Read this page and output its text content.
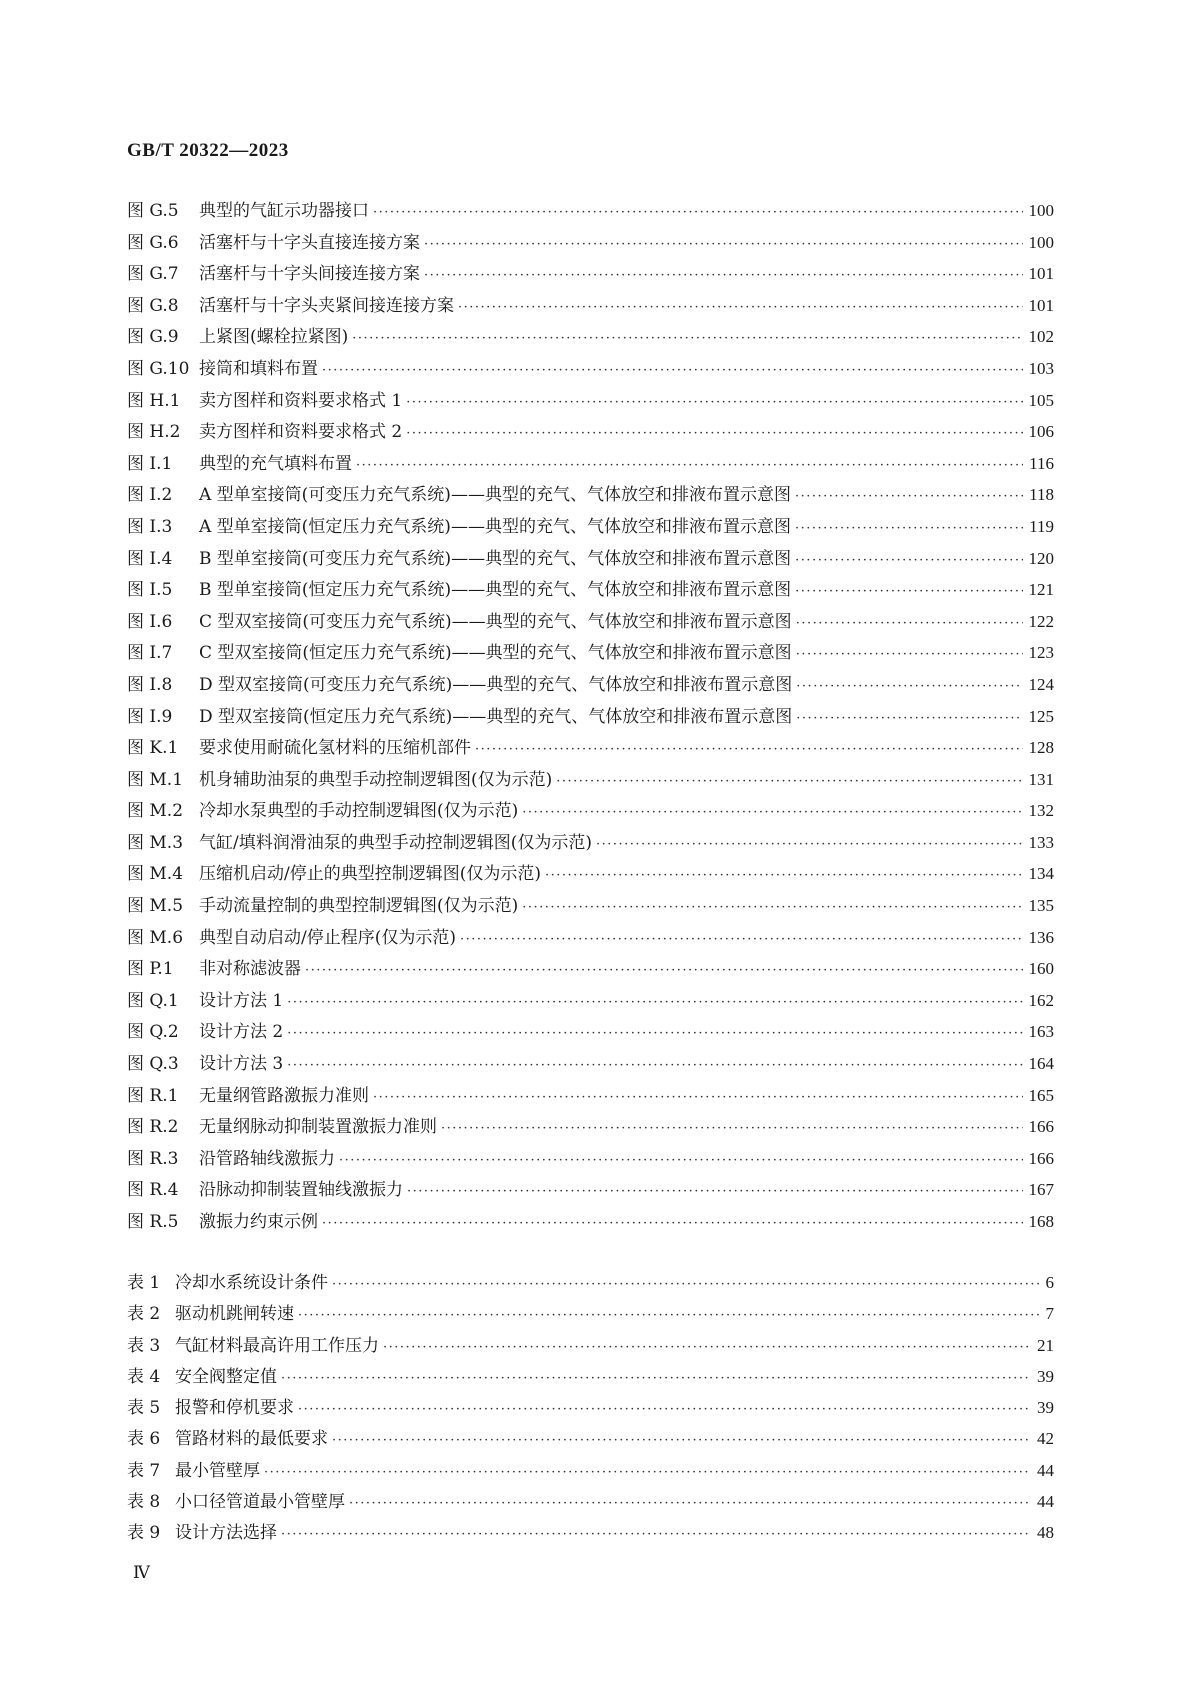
GB/T 20322—2023
图 G.5	典型的气缸示功器接口 ·····	100
图 G.6	活塞杆与十字头直接连接方案 ·····	100
图 G.7	活塞杆与十字头间接连接方案 ·····	101
图 G.8	活塞杆与十字头夹紧间接连接方案 ·····	101
图 G.9	上紧图(螺栓拉紧图) ·····	102
图 G.10 接筒和填料布置 ·····	103
图 H.1	卖方图样和资料要求格式 1 ·····	105
图 H.2	卖方图样和资料要求格式 2 ·····	106
图 I.1	典型的充气填料布置 ·····	116
图 I.2	A 型单室接筒(可变压力充气系统)——典型的充气、气体放空和排液布置示意图 ·····	118
图 I.3	A 型单室接筒(恒定压力充气系统)——典型的充气、气体放空和排液布置示意图 ·····	119
图 I.4	B 型单室接筒(可变压力充气系统)——典型的充气、气体放空和排液布置示意图 ·····	120
图 I.5	B 型单室接筒(恒定压力充气系统)——典型的充气、气体放空和排液布置示意图 ·····	121
图 I.6	C 型双室接筒(可变压力充气系统)——典型的充气、气体放空和排液布置示意图 ·····	122
图 I.7	C 型双室接筒(恒定压力充气系统)——典型的充气、气体放空和排液布置示意图 ·····	123
图 I.8	D 型双室接筒(可变压力充气系统)——典型的充气、气体放空和排液布置示意图 ·····	124
图 I.9	D 型双室接筒(恒定压力充气系统)——典型的充气、气体放空和排液布置示意图 ·····	125
图 K.1	要求使用耐硫化氢材料的压缩机部件 ·····	128
图 M.1 机身辅助油泵的典型手动控制逻辑图(仅为示范) ·····	131
图 M.2 冷却水泵典型的手动控制逻辑图(仅为示范) ·····	132
图 M.3 气缸/填料润滑油泵的典型手动控制逻辑图(仅为示范) ·····	133
图 M.4 压缩机启动/停止的典型控制逻辑图(仅为示范) ·····	134
图 M.5 手动流量控制的典型控制逻辑图(仅为示范) ·····	135
图 M.6 典型自动启动/停止程序(仅为示范) ·····	136
图 P.1	非对称滤波器 ·····	160
图 Q.1	设计方法 1 ·····	162
图 Q.2	设计方法 2 ·····	163
图 Q.3	设计方法 3 ·····	164
图 R.1	无量纲管路激振力准则 ·····	165
图 R.2	无量纲脉动抑制装置激振力准则 ·····	166
图 R.3	沿管路轴线激振力 ·····	166
图 R.4	沿脉动抑制装置轴线激振力 ·····	167
图 R.5	激振力约束示例 ·····	168
表 1 冷却水系统设计条件 ·····	6
表 2 驱动机跳闸转速 ·····	7
表 3 气缸材料最高许用工作压力 ·····	21
表 4 安全阀整定值 ·····	39
表 5 报警和停机要求 ·····	39
表 6 管路材料的最低要求 ·····	42
表 7 最小管壁厚 ·····	44
表 8 小口径管道最小管壁厚 ·····	44
表 9 设计方法选择 ·····	48
Ⅳ
